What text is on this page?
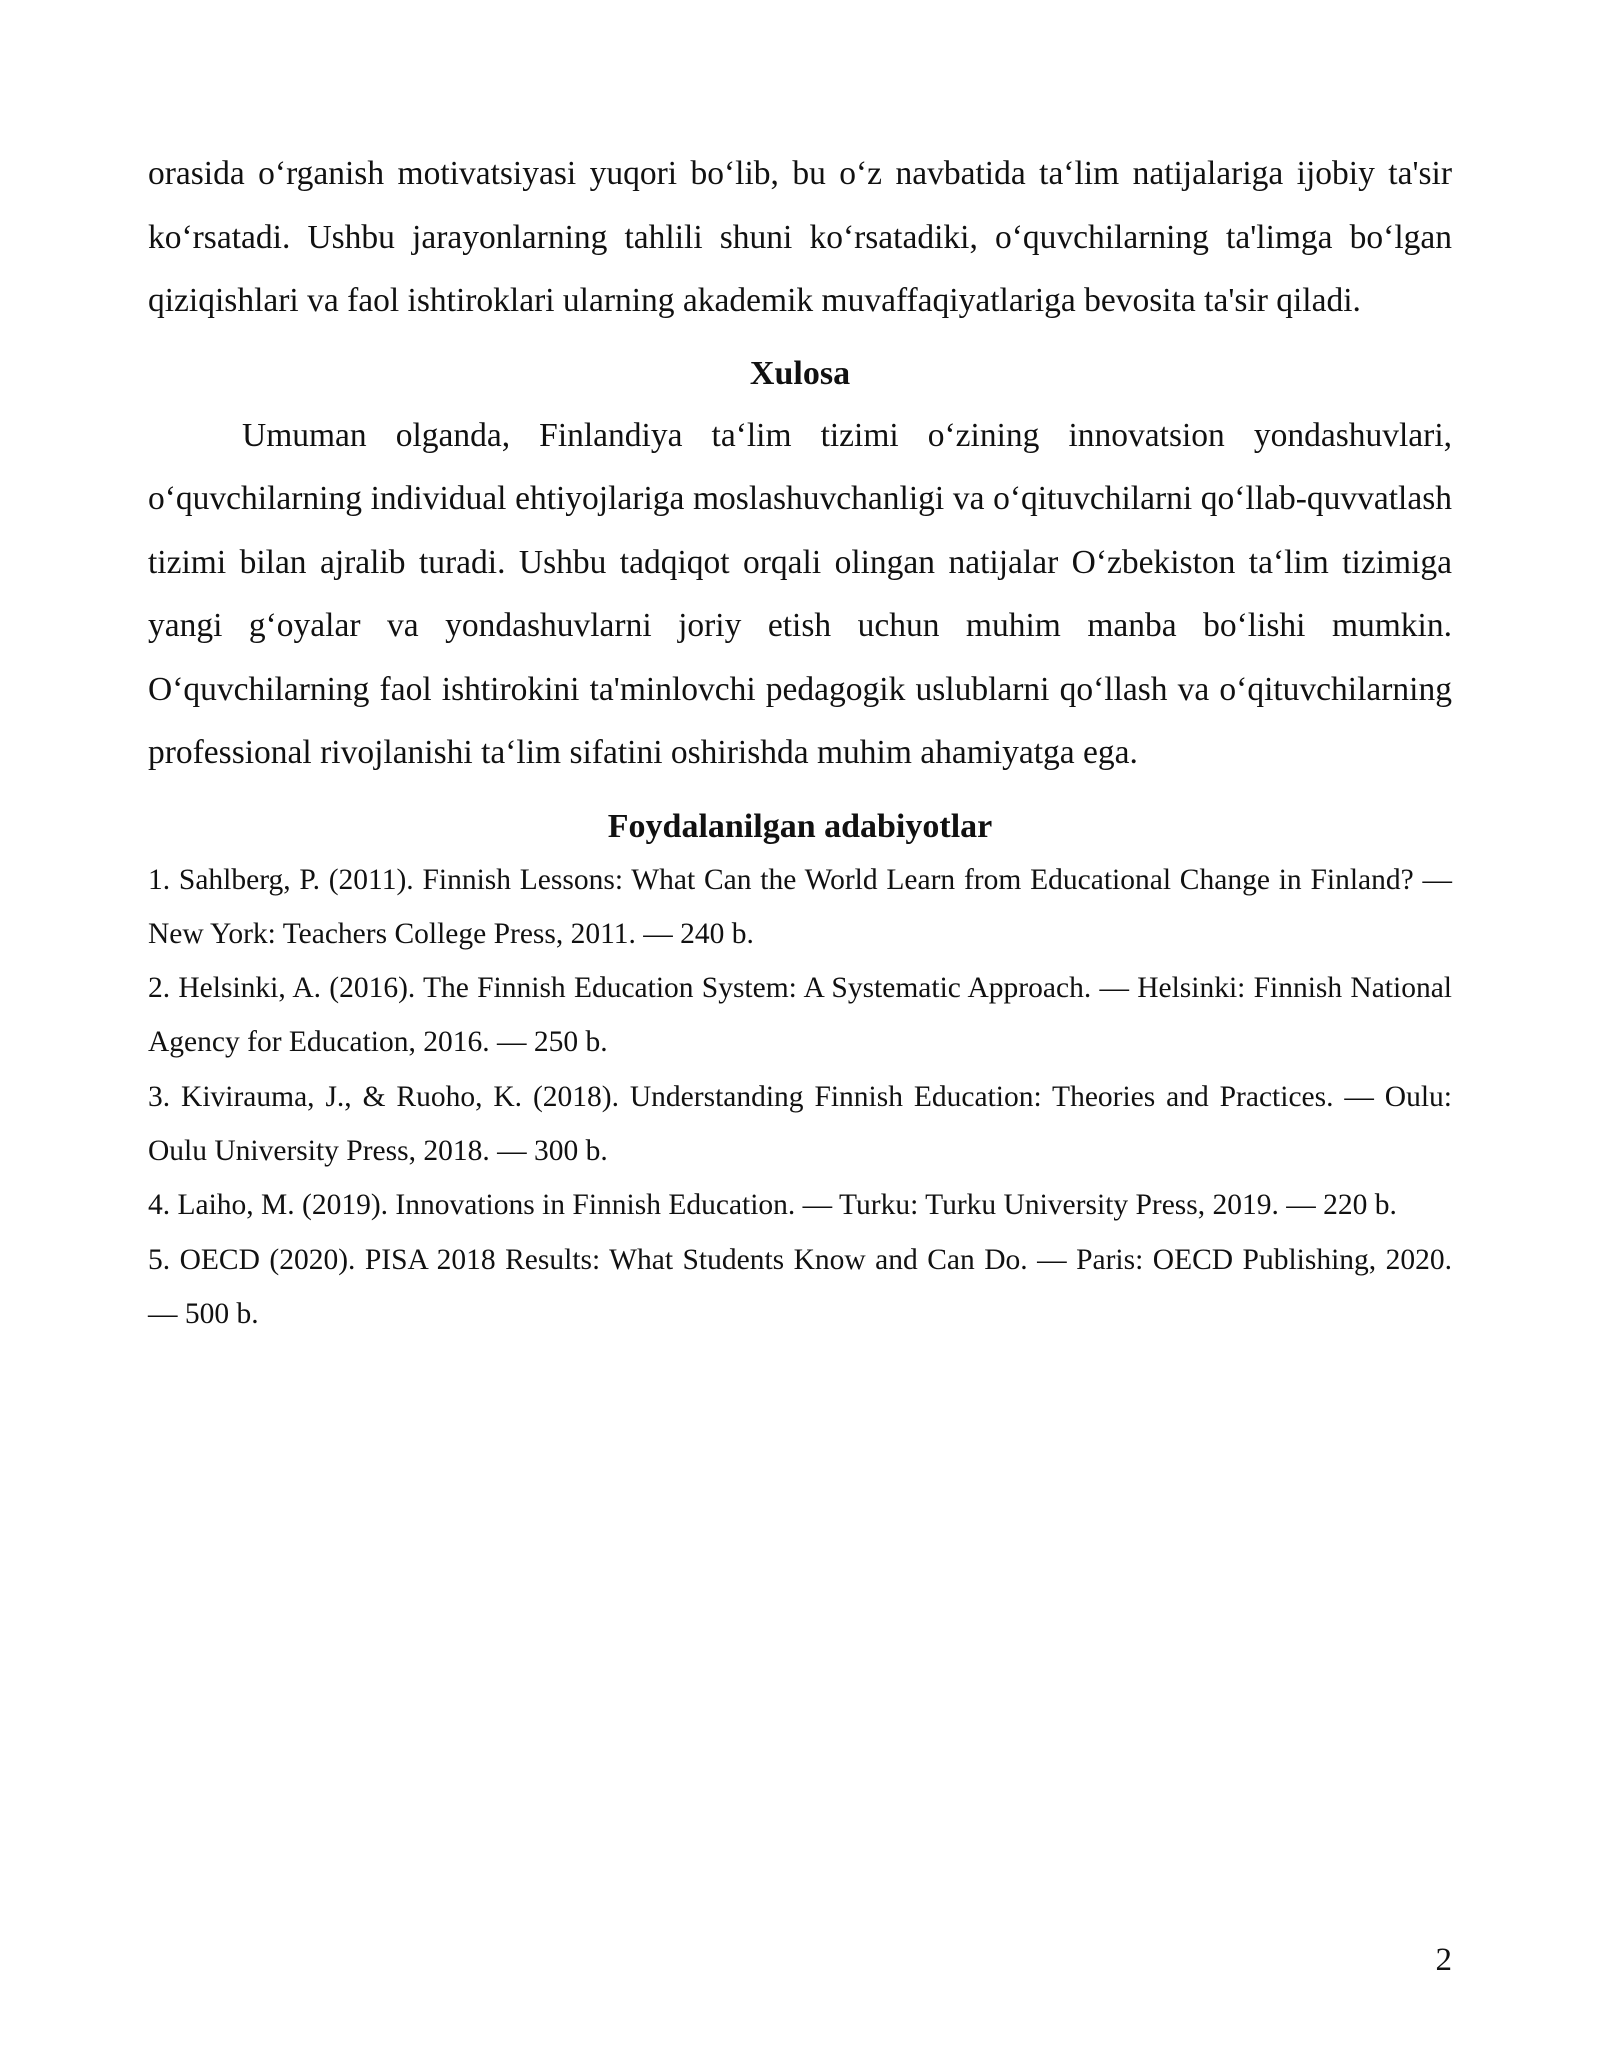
orasida o‘rganish motivatsiyasi yuqori bo‘lib, bu o‘z navbatida ta‘lim natijalariga ijobiy ta'sir ko‘rsatadi. Ushbu jarayonlarning tahlili shuni ko‘rsatadiki, o‘quvchilarning ta'limga bo‘lgan qiziqishlari va faol ishtiroklari ularning akademik muvaffaqiyatlariga bevosita ta'sir qiladi.

Xulosa

Umuman olganda, Finlandiya ta‘lim tizimi o‘zining innovatsion yondashuvlari, o‘quvchilarning individual ehtiyojlariga moslashuvchanligi va o‘qituvchilarni qo‘llab-quvvatlash tizimi bilan ajralib turadi. Ushbu tadqiqot orqali olingan natijalar O‘zbekiston ta‘lim tizimiga yangi g‘oyalar va yondashuvlarni joriy etish uchun muhim manba bo‘lishi mumkin. O‘quvchilarning faol ishtirokini ta'minlovchi pedagogik uslublarni qo‘llash va o‘qituvchilarning professional rivojlanishi ta‘lim sifatini oshirishda muhim ahamiyatga ega.

Foydalanilgan adabiyotlar
1. Sahlberg, P. (2011). Finnish Lessons: What Can the World Learn from Educational Change in Finland? — New York: Teachers College Press, 2011. — 240 b.
2. Helsinki, A. (2016). The Finnish Education System: A Systematic Approach. — Helsinki: Finnish National Agency for Education, 2016. — 250 b.
3. Kivirauma, J., & Ruoho, K. (2018). Understanding Finnish Education: Theories and Practices. — Oulu: Oulu University Press, 2018. — 300 b.
4. Laiho, M. (2019). Innovations in Finnish Education. — Turku: Turku University Press, 2019. — 220 b.
5. OECD (2020). PISA 2018 Results: What Students Know and Can Do. — Paris: OECD Publishing, 2020. — 500 b.
2
